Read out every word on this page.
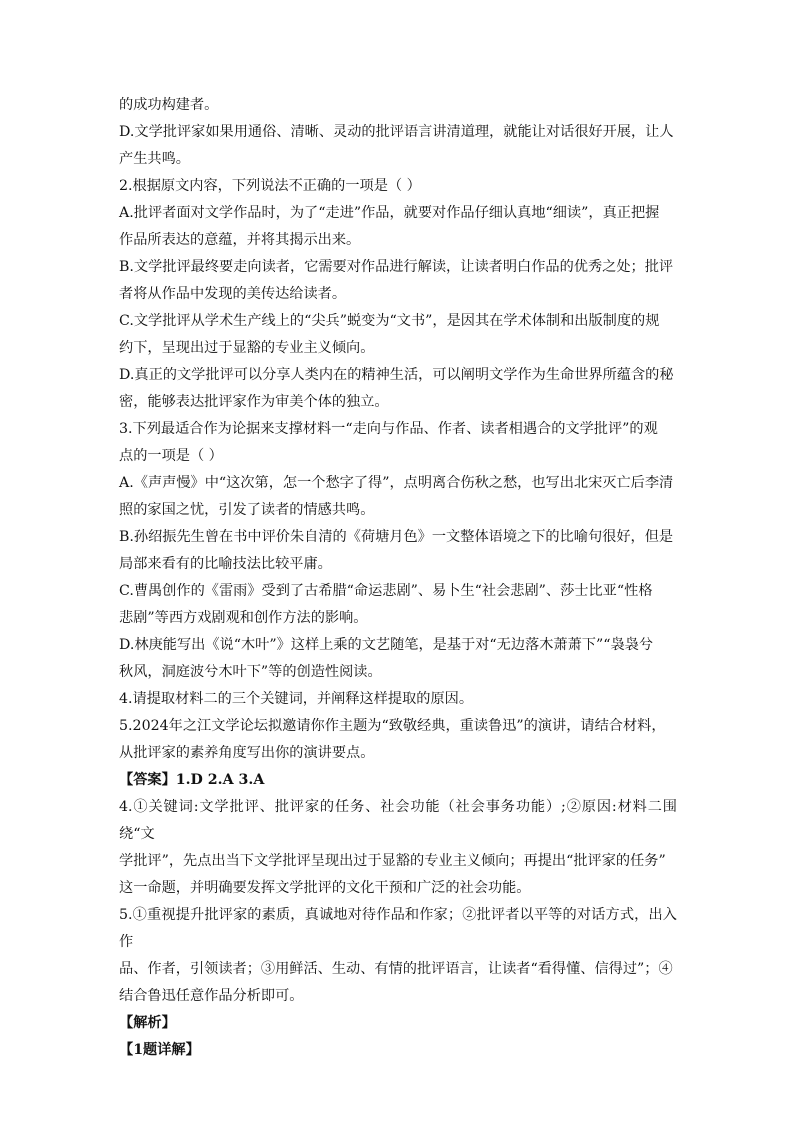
的成功构建者。

D.文学批评家如果用通俗、清晰、灵动的批评语言讲清道理，就能让对话很好开展，让人

产生共鸣。

2.根据原文内容，下列说法不正确的一项是（ ）

A.批评者面对文学作品时，为了“走进”作品，就要对作品仔细认真地“细读”，真正把握

作品所表达的意蕴，并将其揭示出来。

B.文学批评最终要走向读者，它需要对作品进行解读，让读者明白作品的优秀之处；批评

者将从作品中发现的美传达给读者。

C.文学批评从学术生产线上的“尖兵”蜕变为“文书”，是因其在学术体制和出版制度的规

约下，呈现出过于显豁的专业主义倾向。

D.真正的文学批评可以分享人类内在的精神生活，可以阐明文学作为生命世界所蕴含的秘

密，能够表达批评家作为审美个体的独立。

3.下列最适合作为论据来支撑材料一“走向与作品、作者、读者相遇合的文学批评”的观

点的一项是（ ）

A.《声声慢》中“这次第，怎一个愁字了得”，点明离合伤秋之愁，也写出北宋灭亡后李清

照的家国之忧，引发了读者的情感共鸣。

B.孙绍振先生曾在书中评价朱自清的《荷塘月色》一文整体语境之下的比喻句很好，但是

局部来看有的比喻技法比较平庸。

C.曹禺创作的《雷雨》受到了古希腊“命运悲剧”、易卜生“社会悲剧”、莎士比亚“性格

悲剧”等西方戏剧观和创作方法的影响。

D.林庚能写出《说“木叶”》这样上乘的文艺随笔，是基于对“无边落木萧萧下”“袅袅兮

秋风，洞庭波兮木叶下”等的创造性阅读。

4.请提取材料二的三个关键词，并阐释这样提取的原因。

5.2024年之江文学论坛拟邀请你作主题为“致敬经典，重读鲁迅”的演讲，请结合材料，

从批评家的素养角度写出你的演讲要点。

【答案】1.D 2.A 3.A

4.①关键词:文学批评、批评家的任务、社会功能（社会事务功能）;②原因:材料二围绕“文

学批评”，先点出当下文学批评呈现出过于显豁的专业主义倾向；再提出“批评家的任务”

这一命题，并明确要发挥文学批评的文化干预和广泛的社会功能。

5.①重视提升批评家的素质，真诚地对待作品和作家；②批评者以平等的对话方式，出入作

品、作者，引领读者；③用鲜活、生动、有情的批评语言，让读者“看得懂、信得过”；④

结合鲁迅任意作品分析即可。

【解析】

【1题详解】
